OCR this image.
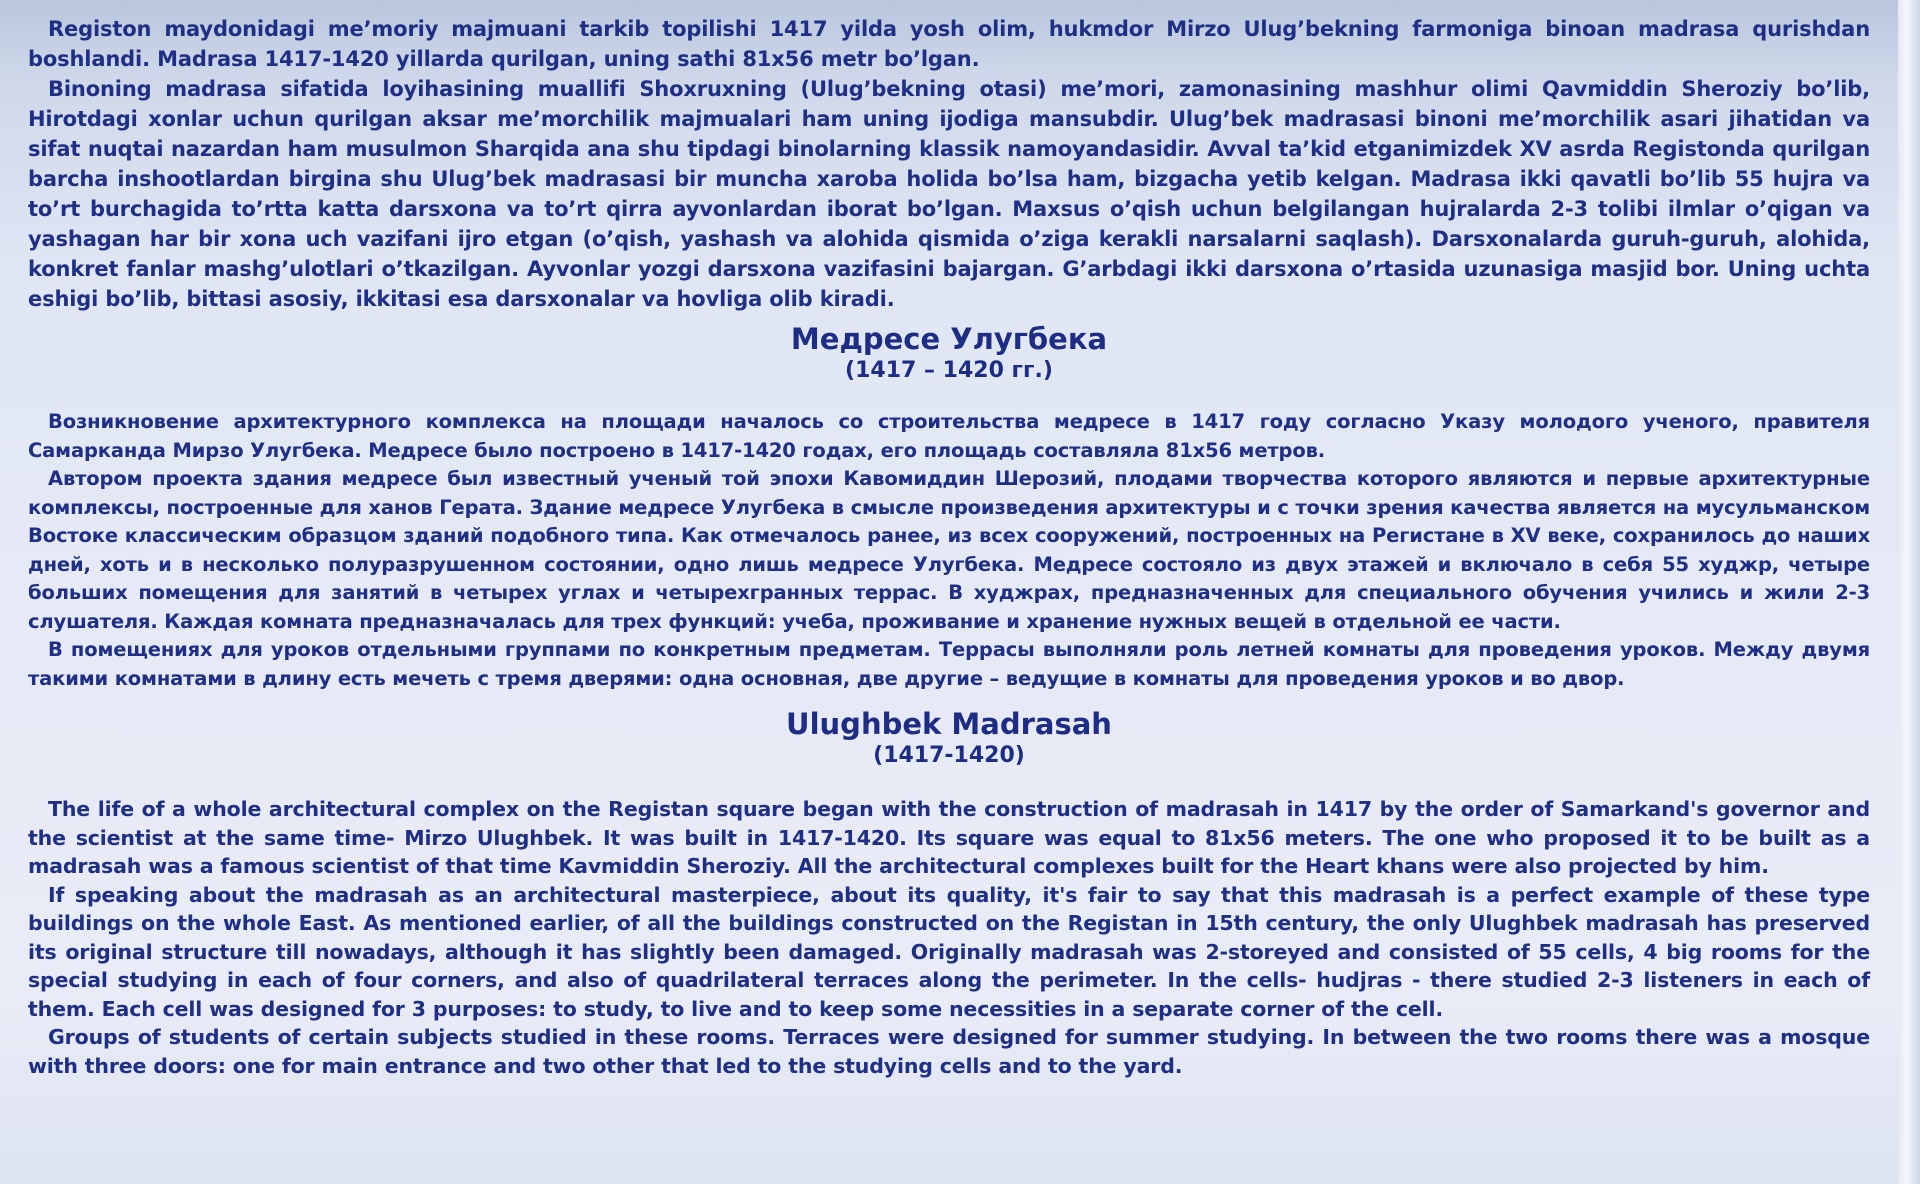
Registon maydonidagi me’moriy majmuani tarkib topilishi 1417 yilda yosh olim, hukmdor Mirzo Ulug’bekning farmoniga binoan madrasa qurishdan boshlandi. Madrasa 1417-1420 yillarda qurilgan, uning sathi 81x56 metr bo’lgan.

Binoning madrasa sifatida loyihasining muallifi Shoxruxning (Ulug’bekning otasi) me’mori, zamonasining mashhur olimi Qavmiddin Sheroziy bo’lib, Hirotdagi xonlar uchun qurilgan aksar me’morchilik majmualari ham uning ijodiga mansubdir. Ulug’bek madrasasi binoni me’morchilik asari jihatidan va sifat nuqtai nazardan ham musulmon Sharqida ana shu tipdagi binolarning klassik namoyandasidir. Avval ta’kid etganimizdek XV asrda Registonda qurilgan barcha inshootlardan birgina shu Ulug’bek madrasasi bir muncha xaroba holida bo’lsa ham, bizgacha yetib kelgan. Madrasa ikki qavatli bo’lib 55 hujra va to’rt burchagida to’rtta katta darsxona va to’rt qirra ayvonlardan iborat bo’lgan. Maxsus o’qish uchun belgilangan hujralarda 2-3 tolibi ilmlar o’qigan va yashagan har bir xona uch vazifani ijro etgan (o’qish, yashash va alohida qismida o’ziga kerakli narsalarni saqlash). Darsxonalarda guruh-guruh, alohida, konkret fanlar mashg’ulotlari o’tkazilgan. Ayvonlar yozgi darsxona vazifasini bajargan. G’arbdagi ikki darsxona o’rtasida uzunasiga masjid bor. Uning uchta eshigi bo’lib, bittasi asosiy, ikkitasi esa darsxonalar va hovliga olib kiradi.

Медресе Улугбека
(1417 – 1420 гг.)

Возникновение архитектурного комплекса на площади началось со строительства медресе в 1417 году согласно Указу молодого ученого, правителя Самарканда Мирзо Улугбека. Медресе было построено в 1417-1420 годах, его площадь составляла 81x56 метров.

Автором проекта здания медресе был известный ученый той эпохи Кавомиддин Шерозий, плодами творчества которого являются и первые архитектурные комплексы, построенные для ханов Герата. Здание медресе Улугбека в смысле произведения архитектуры и с точки зрения качества является на мусульманском Востоке классическим образцом зданий подобного типа. Как отмечалось ранее, из всех сооружений, построенных на Регистане в XV веке, сохранилось до наших дней, хоть и в несколько полуразрушенном состоянии, одно лишь медресе Улугбека. Медресе состояло из двух этажей и включало в себя 55 худжр, четыре больших помещения для занятий в четырех углах и четырехгранных террас. В худжрах, предназначенных для специального обучения учились и жили 2-3 слушателя. Каждая комната предназначалась для трех функций: учеба, проживание и хранение нужных вещей в отдельной ее части.

В помещениях для уроков отдельными группами по конкретным предметам. Террасы выполняли роль летней комнаты для проведения уроков. Между двумя такими комнатами в длину есть мечеть с тремя дверями: одна основная, две другие – ведущие в комнаты для проведения уроков и во двор.

Ulughbek Madrasah
(1417-1420)

The life of a whole architectural complex on the Registan square began with the construction of madrasah in 1417 by the order of Samarkand's governor and the scientist at the same time- Mirzo Ulughbek. It was built in 1417-1420. Its square was equal to 81x56 meters. The one who proposed it to be built as a madrasah was a famous scientist of that time Kavmiddin Sheroziy. All the architectural complexes built for the Heart khans were also projected by him.

If speaking about the madrasah as an architectural masterpiece, about its quality, it's fair to say that this madrasah is a perfect example of these type buildings on the whole East. As mentioned earlier, of all the buildings constructed on the Registan in 15th century, the only Ulughbek madrasah has preserved its original structure till nowadays, although it has slightly been damaged. Originally madrasah was 2-storeyed and consisted of 55 cells, 4 big rooms for the special studying in each of four corners, and also of quadrilateral terraces along the perimeter. In the cells- hudjras - there studied 2-3 listeners in each of them. Each cell was designed for 3 purposes: to study, to live and to keep some necessities in a separate corner of the cell.

Groups of students of certain subjects studied in these rooms. Terraces were designed for summer studying. In between the two rooms there was a mosque with three doors: one for main entrance and two other that led to the studying cells and to the yard.
